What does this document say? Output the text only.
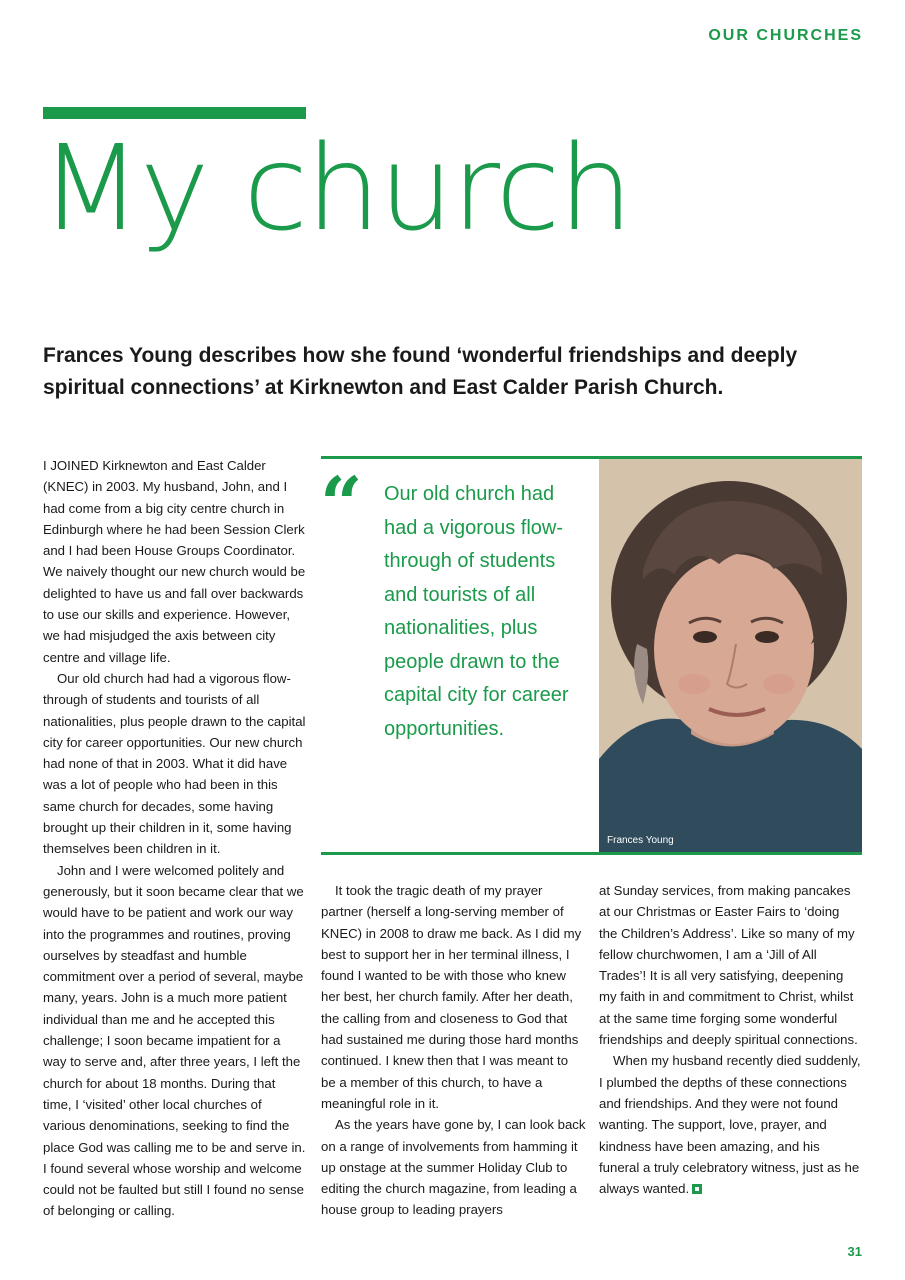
OUR CHURCHES
My church
Frances Young describes how she found ‘wonderful friendships and deeply spiritual connections’ at Kirknewton and East Calder Parish Church.

I JOINED Kirknewton and East Calder (KNEC) in 2003. My husband, John, and I had come from a big city centre church in Edinburgh where he had been Session Clerk and I had been House Groups Coordinator. We naively thought our new church would be delighted to have us and fall over backwards to use our skills and experience. However, we had misjudged the axis between city centre and village life.

Our old church had had a vigorous flow-through of students and tourists of all nationalities, plus people drawn to the capital city for career opportunities. Our new church had none of that in 2003. What it did have was a lot of people who had been in this same church for decades, some having brought up their children in it, some having themselves been children in it.

John and I were welcomed politely and generously, but it soon became clear that we would have to be patient and work our way into the programmes and routines, proving ourselves by steadfast and humble commitment over a period of several, maybe many, years. John is a much more patient individual than me and he accepted this challenge; I soon became impatient for a way to serve and, after three years, I left the church for about 18 months. During that time, I ‘visited’ other local churches of various denominations, seeking to find the place God was calling me to be and serve in. I found several whose worship and welcome could not be faulted but still I found no sense of belonging or calling.

“ Our old church had had a vigorous flow-through of students and tourists of all nationalities, plus people drawn to the capital city for career opportunities.
Frances Young

It took the tragic death of my prayer partner (herself a long-serving member of KNEC) in 2008 to draw me back. As I did my best to support her in her terminal illness, I found I wanted to be with those who knew her best, her church family. After her death, the calling from and closeness to God that had sustained me during those hard months continued. I knew then that I was meant to be a member of this church, to have a meaningful role in it.

As the years have gone by, I can look back on a range of involvements from hamming it up onstage at the summer Holiday Club to editing the church magazine, from leading a house group to leading prayers

at Sunday services, from making pancakes at our Christmas or Easter Fairs to ‘doing the Children’s Address’. Like so many of my fellow churchwomen, I am a ‘Jill of All Trades’! It is all very satisfying, deepening my faith in and commitment to Christ, whilst at the same time forging some wonderful friendships and deeply spiritual connections.

When my husband recently died suddenly, I plumbed the depths of these connections and friendships. And they were not found wanting. The support, love, prayer, and kindness have been amazing, and his funeral a truly celebratory witness, just as he always wanted.

31
